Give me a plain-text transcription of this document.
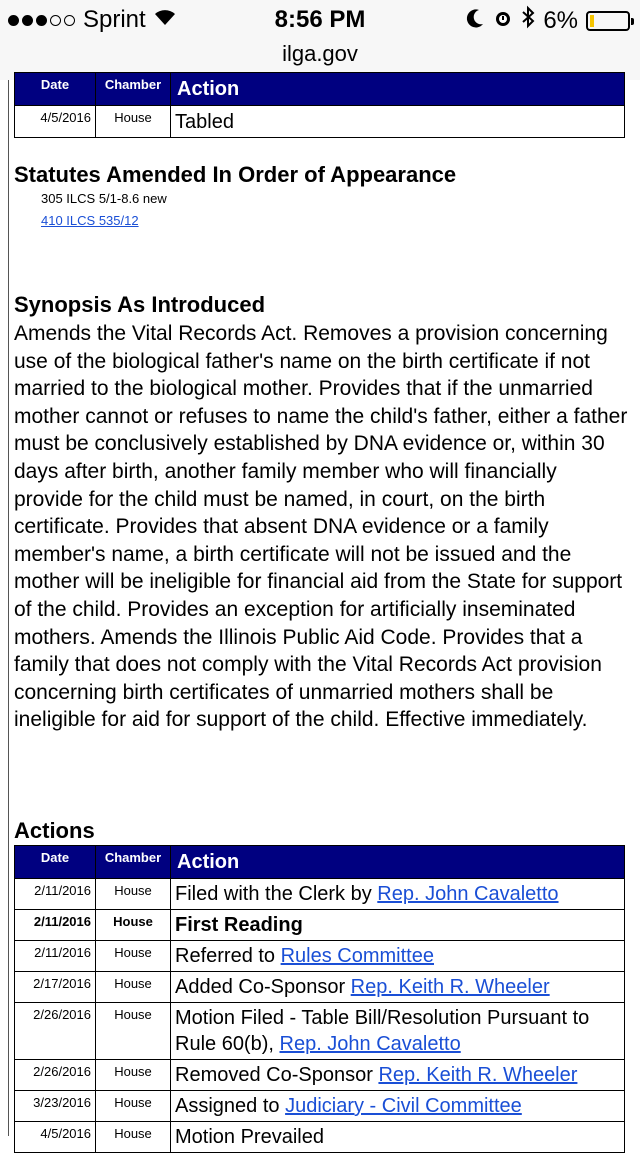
Sprint	8:56 PM	6%
ilga.gov
Date	Chamber	Action
4/5/2016	House	Tabled
Statutes Amended In Order of Appearance
305 ILCS 5/1-8.6 new
410 ILCS 535/12
Synopsis As Introduced
Amends the Vital Records Act. Removes a provision concerning use of the biological father's name on the birth certificate if not married to the biological mother. Provides that if the unmarried mother cannot or refuses to name the child's father, either a father must be conclusively established by DNA evidence or, within 30 days after birth, another family member who will financially provide for the child must be named, in court, on the birth certificate. Provides that absent DNA evidence or a family member's name, a birth certificate will not be issued and the mother will be ineligible for financial aid from the State for support of the child. Provides an exception for artificially inseminated mothers. Amends the Illinois Public Aid Code. Provides that a family that does not comply with the Vital Records Act provision concerning birth certificates of unmarried mothers shall be ineligible for aid for support of the child. Effective immediately.
Actions
Date	Chamber	Action
2/11/2016	House	Filed with the Clerk by Rep. John Cavaletto
2/11/2016	House	First Reading
2/11/2016	House	Referred to Rules Committee
2/17/2016	House	Added Co-Sponsor Rep. Keith R. Wheeler
2/26/2016	House	Motion Filed - Table Bill/Resolution Pursuant to
Rule 60(b), Rep. John Cavaletto
2/26/2016	House	Removed Co-Sponsor Rep. Keith R. Wheeler
3/23/2016	House	Assigned to Judiciary - Civil Committee
4/5/2016	House	Motion Prevailed
